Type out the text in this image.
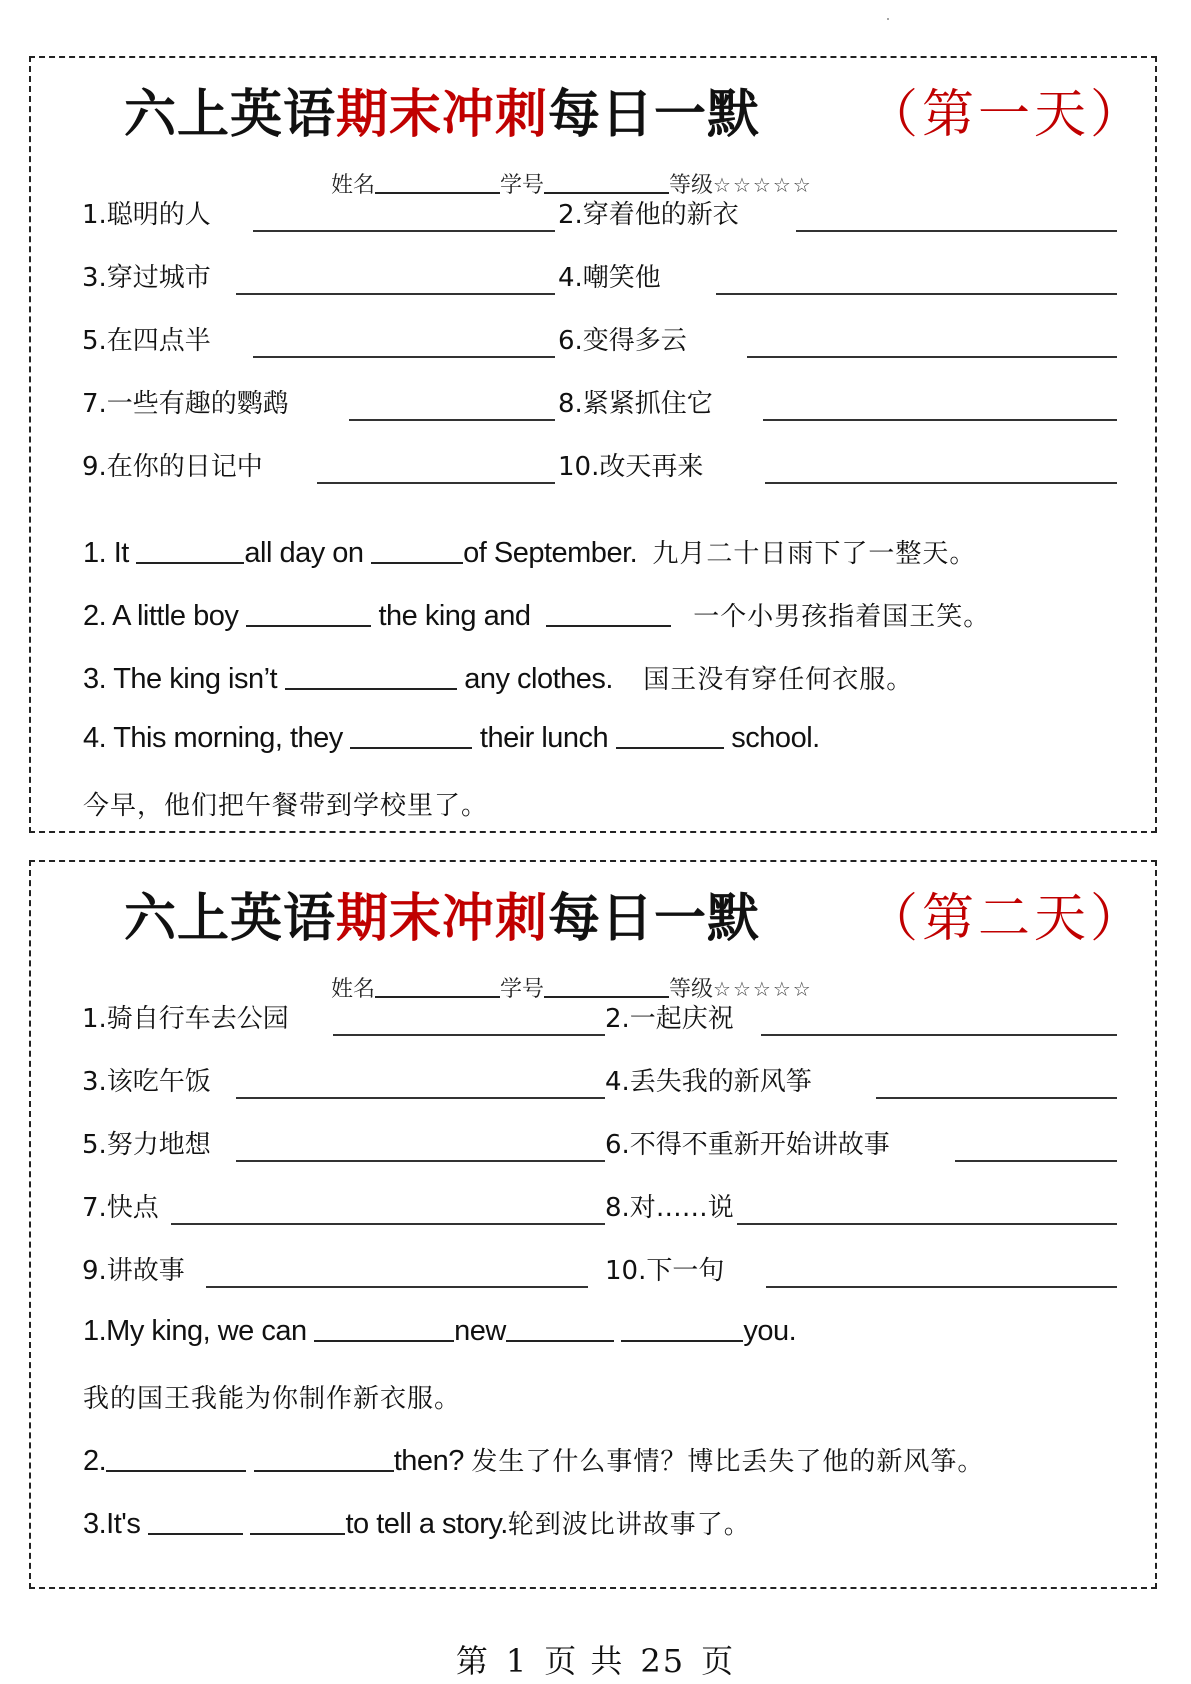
六上英语期末冲刺每日一默 （第一天）
姓名	学号	等级☆☆☆☆☆
1.聪明的人	2.穿着他的新衣
3.穿过城市	4.嘲笑他
5.在四点半	6.变得多云
7.一些有趣的鹦鹉	8.紧紧抓住它
9.在你的日记中	10.改天再来
1. It	all day on	of September. 九月二十日雨下了一整天。
2. A little boy	the king and	一个小男孩指着国王笑。
3. The king isn’t	any clothes. 国王没有穿任何衣服。
4. This morning, they	their lunch	school.
今早，他们把午餐带到学校里了。
六上英语期末冲刺每日一默 （第二天）
姓名	学号	等级☆☆☆☆☆
1.骑自行车去公园	2.一起庆祝
3.该吃午饭	4.丢失我的新风筝
5.努力地想	6.不得不重新开始讲故事
7.快点	8.对……说
9.讲故事	10.下一句
1.My king, we can	new	you.
我的国王我能为你制作新衣服。
2.	then? 发生了什么事情？博比丢失了他的新风筝。
3.It's	to tell a story.轮到波比讲故事了。
第 1 页 共 25 页
